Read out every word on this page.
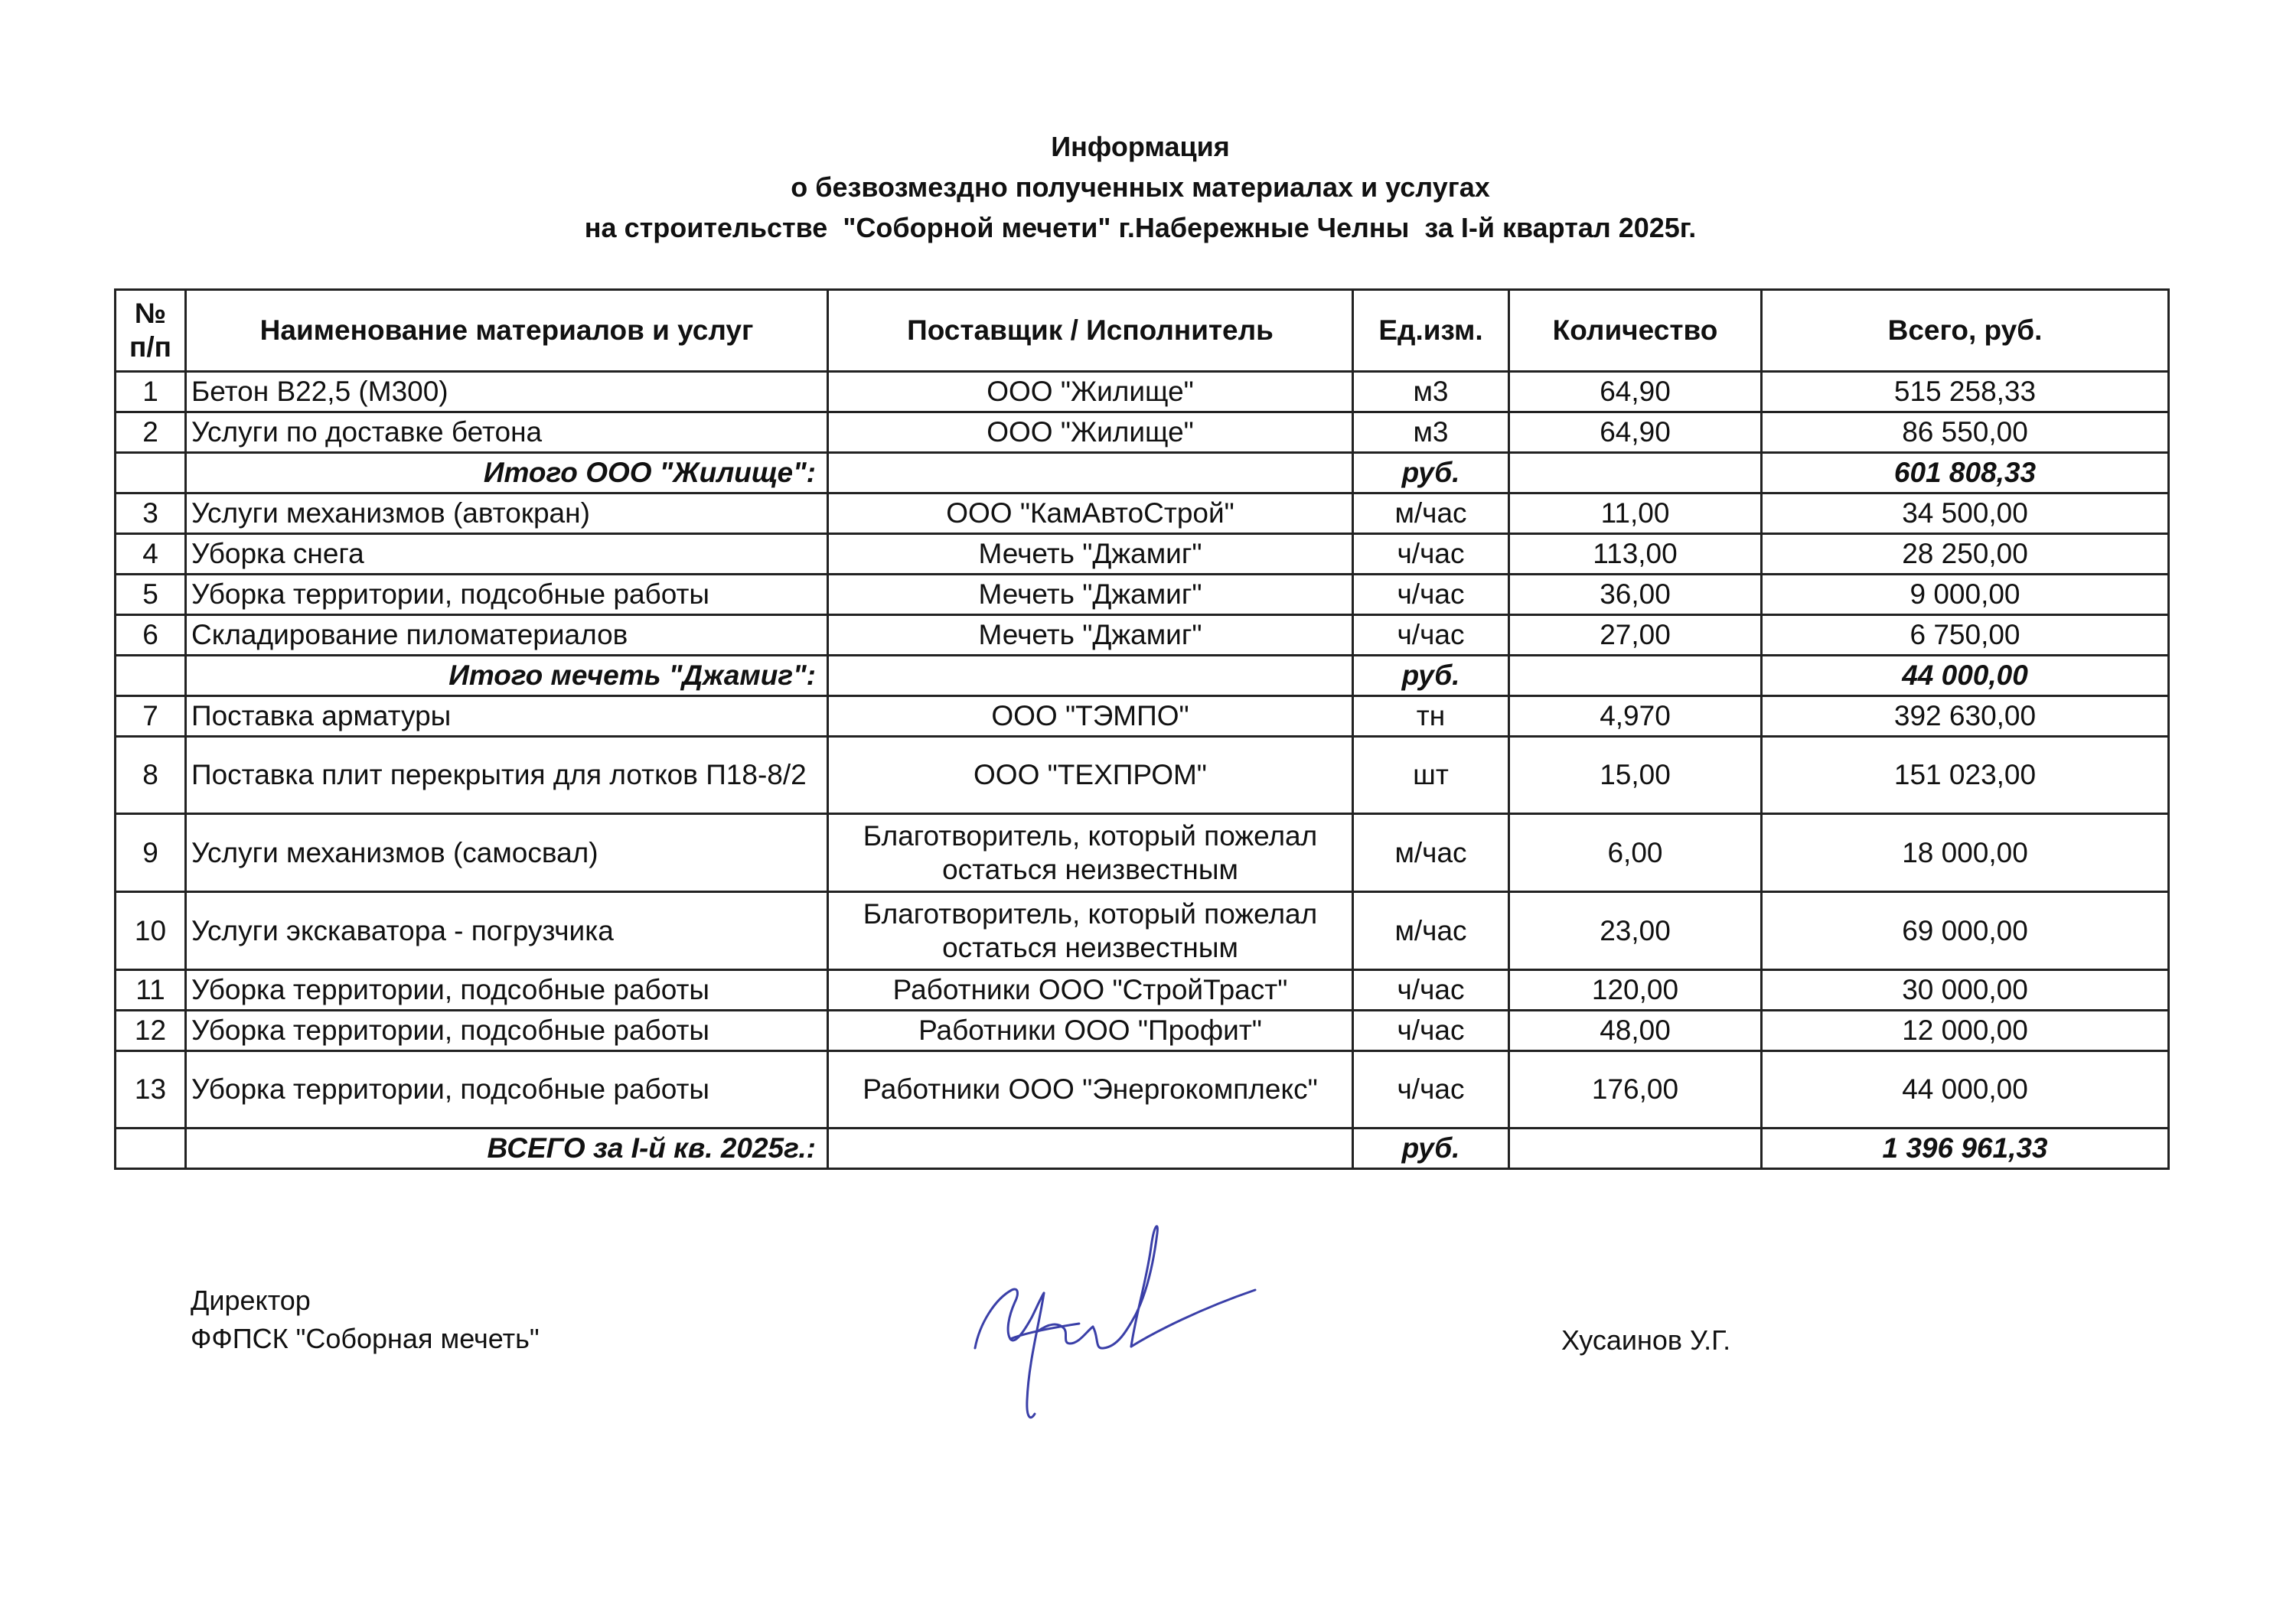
Информация
о безвозмездно полученных материалах и услугах
на строительстве  "Соборной мечети" г.Набережные Челны  за I-й квартал 2025г.
№ п/п	Наименование материалов и услуг	Поставщик / Исполнитель	Ед.изм.	Количество	Всего, руб.
1	Бетон В22,5 (М300)	ООО "Жилище"	м3	64,90	515 258,33
2	Услуги по доставке бетона	ООО "Жилище"	м3	64,90	86 550,00
	Итого ООО "Жилище":		руб.		601 808,33
3	Услуги механизмов (автокран)	ООО "КамАвтоСтрой"	м/час	11,00	34 500,00
4	Уборка снега	Мечеть "Джамиг"	ч/час	113,00	28 250,00
5	Уборка территории, подсобные работы	Мечеть "Джамиг"	ч/час	36,00	9 000,00
6	Складирование пиломатериалов	Мечеть "Джамиг"	ч/час	27,00	6 750,00
	Итого мечеть "Джамиг":		руб.		44 000,00
7	Поставка арматуры	ООО "ТЭМПО"	тн	4,970	392 630,00
8	Поставка плит перекрытия для лотков П18-8/2	ООО "ТЕХПРОМ"	шт	15,00	151 023,00
9	Услуги механизмов (самосвал)	Благотворитель, который пожелал остаться неизвестным	м/час	6,00	18 000,00
10	Услуги экскаватора - погрузчика	Благотворитель, который пожелал остаться неизвестным	м/час	23,00	69 000,00
11	Уборка территории, подсобные работы	Работники ООО "СтройТраст"	ч/час	120,00	30 000,00
12	Уборка территории, подсобные работы	Работники ООО "Профит"	ч/час	48,00	12 000,00
13	Уборка территории, подсобные работы	Работники ООО "Энергокомплекс"	ч/час	176,00	44 000,00
	ВСЕГО за I-й кв. 2025г.:		руб.		1 396 961,33
Директор
ФФПСК "Соборная мечеть"	Хусаинов У.Г.
